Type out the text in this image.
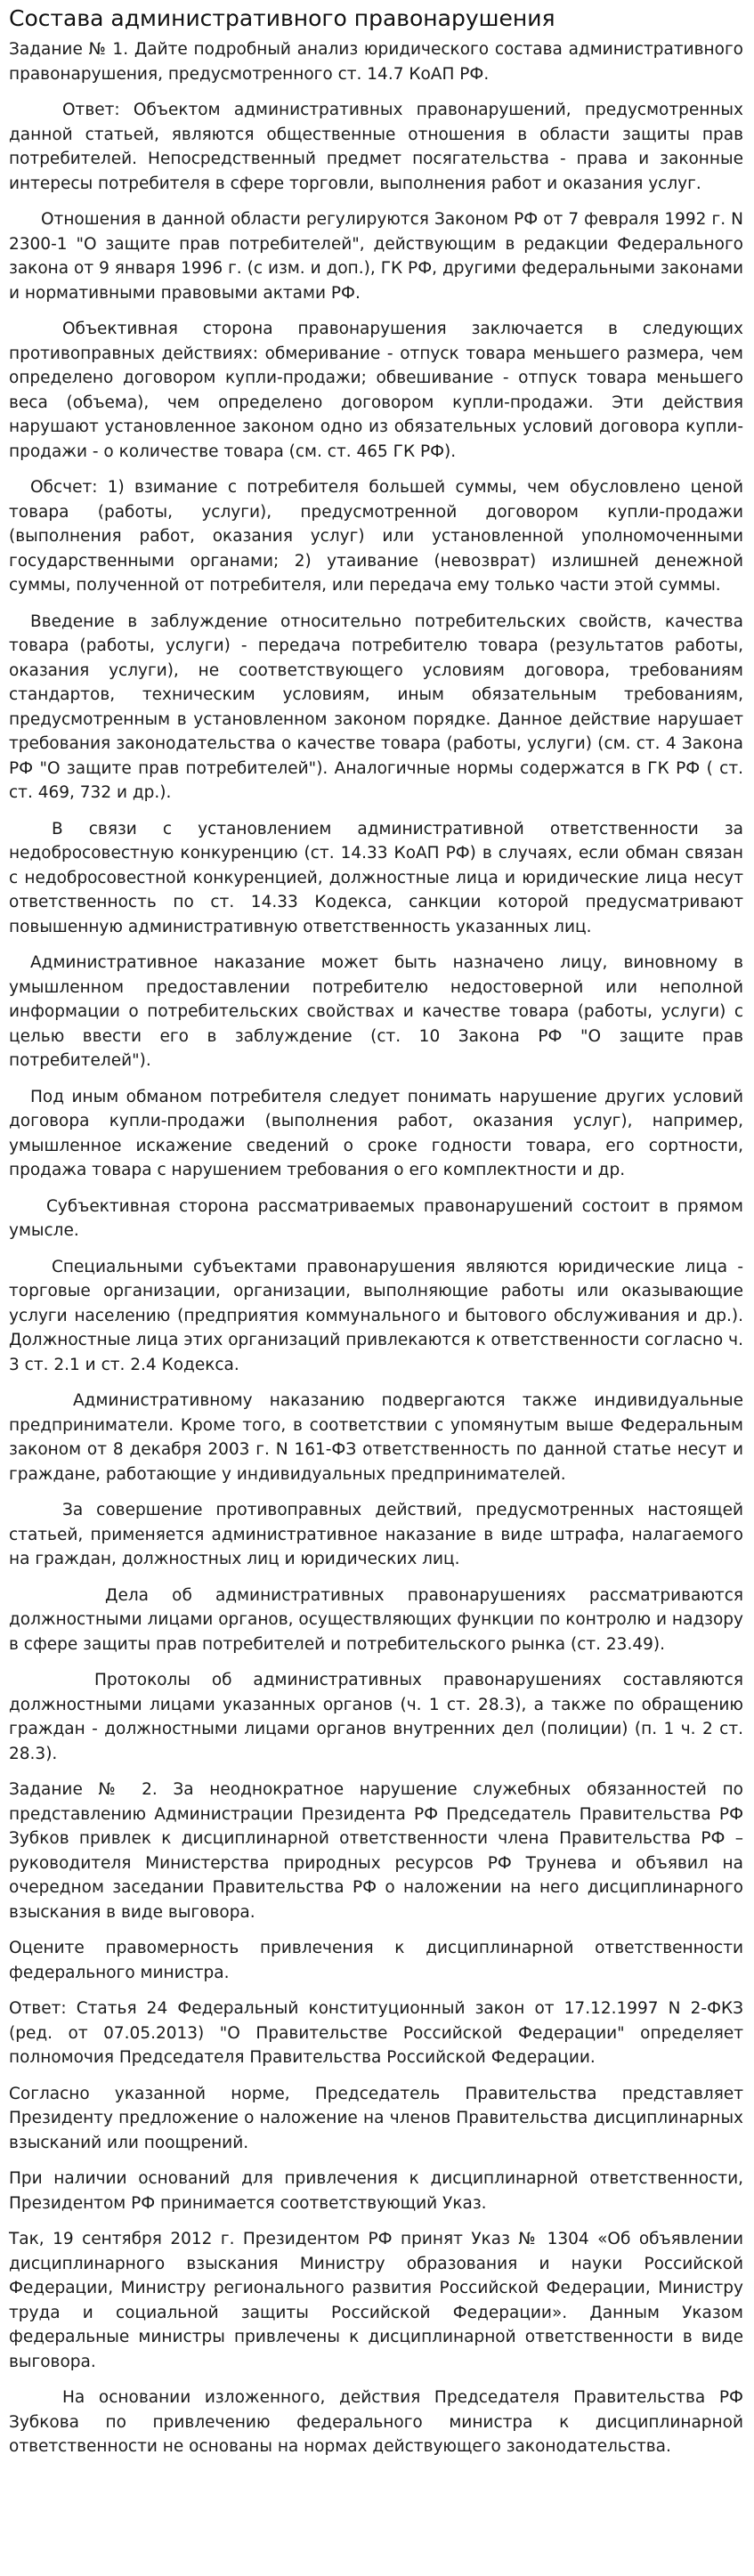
Состава административного правонарушения

Задание № 1. Дайте подробный анализ юридического состава административного правонарушения, предусмотренного ст. 14.7 КоАП РФ.

Ответ: Объектом административных правонарушений, предусмотренных данной статьей, являются общественные отношения в области защиты прав потребителей. Непосредственный предмет посягательства - права и законные интересы потребителя в сфере торговли, выполнения работ и оказания услуг.

Отношения в данной области регулируются Законом РФ от 7 февраля 1992 г. N 2300-1 "О защите прав потребителей", действующим в редакции Федерального закона от 9 января 1996 г. (с изм. и доп.), ГК РФ, другими федеральными законами и нормативными правовыми актами РФ.

Объективная сторона правонарушения заключается в следующих противоправных действиях: обмеривание - отпуск товара меньшего размера, чем определено договором купли-продажи; обвешивание - отпуск товара меньшего веса (объема), чем определено договором купли-продажи. Эти действия нарушают установленное законом одно из обязательных условий договора купли-продажи - о количестве товара (см. ст. 465 ГК РФ).

Обсчет: 1) взимание с потребителя большей суммы, чем обусловлено ценой товара (работы, услуги), предусмотренной договором купли-продажи (выполнения работ, оказания услуг) или установленной уполномоченными государственными органами; 2) утаивание (невозврат) излишней денежной суммы, полученной от потребителя, или передача ему только части этой суммы.

Введение в заблуждение относительно потребительских свойств, качества товара (работы, услуги) - передача потребителю товара (результатов работы, оказания услуги), не соответствующего условиям договора, требованиям стандартов, техническим условиям, иным обязательным требованиям, предусмотренным в установленном законом порядке. Данное действие нарушает требования законодательства о качестве товара (работы, услуги) (см. ст. 4 Закона РФ "О защите прав потребителей"). Аналогичные нормы содержатся в ГК РФ ( ст. ст. 469, 732 и др.).

В связи с установлением административной ответственности за недобросовестную конкуренцию (ст. 14.33 КоАП РФ) в случаях, если обман связан с недобросовестной конкуренцией, должностные лица и юридические лица несут ответственность по ст. 14.33 Кодекса, санкции которой предусматривают повышенную административную ответственность указанных лиц.

Административное наказание может быть назначено лицу, виновному в умышленном предоставлении потребителю недостоверной или неполной информации о потребительских свойствах и качестве товара (работы, услуги) с целью ввести его в заблуждение (ст. 10 Закона РФ "О защите прав потребителей").

Под иным обманом потребителя следует понимать нарушение других условий договора купли-продажи (выполнения работ, оказания услуг), например, умышленное искажение сведений о сроке годности товара, его сортности, продажа товара с нарушением требования о его комплектности и др.

Субъективная сторона рассматриваемых правонарушений состоит в прямом умысле.

Специальными субъектами правонарушения являются юридические лица - торговые организации, организации, выполняющие работы или оказывающие услуги населению (предприятия коммунального и бытового обслуживания и др.). Должностные лица этих организаций привлекаются к ответственности согласно ч. 3 ст. 2.1 и ст. 2.4 Кодекса.

Административному наказанию подвергаются также индивидуальные предприниматели. Кроме того, в соответствии с упомянутым выше Федеральным законом от 8 декабря 2003 г. N 161-ФЗ ответственность по данной статье несут и граждане, работающие у индивидуальных предпринимателей.

За совершение противоправных действий, предусмотренных настоящей статьей, применяется административное наказание в виде штрафа, налагаемого на граждан, должностных лиц и юридических лиц.

Дела об административных правонарушениях рассматриваются должностными лицами органов, осуществляющих функции по контролю и надзору в сфере защиты прав потребителей и потребительского рынка (ст. 23.49).

Протоколы об административных правонарушениях составляются должностными лицами указанных органов (ч. 1 ст. 28.3), а также по обращению граждан - должностными лицами органов внутренних дел (полиции) (п. 1 ч. 2 ст. 28.3).

Задание № 2. За неоднократное нарушение служебных обязанностей по представлению Администрации Президента РФ Председатель Правительства РФ Зубков привлек к дисциплинарной ответственности члена Правительства РФ – руководителя Министерства природных ресурсов РФ Трунева и объявил на очередном заседании Правительства РФ о наложении на него дисциплинарного взыскания в виде выговора.

Оцените правомерность привлечения к дисциплинарной ответственности федерального министра.

Ответ: Статья 24 Федеральный конституционный закон от 17.12.1997 N 2-ФКЗ (ред. от 07.05.2013) "О Правительстве Российской Федерации" определяет полномочия Председателя Правительства Российской Федерации.

Согласно указанной норме, Председатель Правительства представляет Президенту предложение о наложение на членов Правительства дисциплинарных взысканий или поощрений.

При наличии оснований для привлечения к дисциплинарной ответственности, Президентом РФ принимается соответствующий Указ.

Так, 19 сентября 2012 г. Президентом РФ принят Указ № 1304 «Об объявлении дисциплинарного взыскания Министру образования и науки Российской Федерации, Министру регионального развития Российской Федерации, Министру труда и социальной защиты Российской Федерации». Данным Указом федеральные министры привлечены к дисциплинарной ответственности в виде выговора.

На основании изложенного, действия Председателя Правительства РФ Зубкова по привлечению федерального министра к дисциплинарной ответственности не основаны на нормах действующего законодательства.
